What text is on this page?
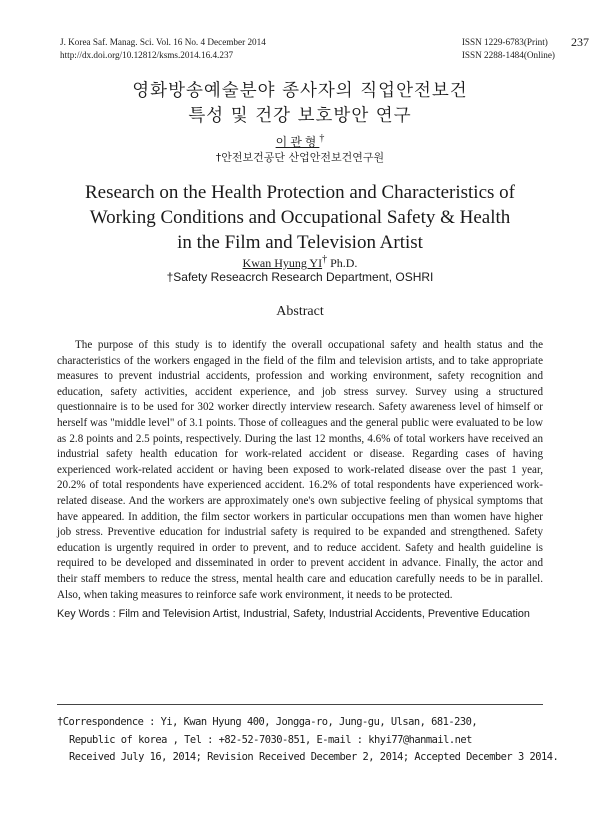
J. Korea Saf. Manag. Sci. Vol. 16 No. 4 December 2014
http://dx.doi.org/10.12812/ksms.2014.16.4.237
ISSN 1229-6783(Print)
ISSN 2288-1484(Online)
237
영화방송예술분야 종사자의 직업안전보건
특성 및 건강 보호방안 연구
이관형†
†안전보건공단 산업안전보건연구원
Research on the Health Protection and Characteristics of
Working Conditions and Occupational Safety & Health
in the Film and Television Artist
Kwan Hyung YI† Ph.D.
†Safety Reseacrch Research Department, OSHRI
Abstract
The purpose of this study is to identify the overall occupational safety and health status and the characteristics of the workers engaged in the field of the film and television artists, and to take appropriate measures to prevent industrial accidents, profession and working environment, safety recognition and education, safety activities, accident experience, and job stress survey. Survey using a structured questionnaire is to be used for 302 worker directly interview research. Safety awareness level of himself or herself was "middle level" of 3.1 points. Those of colleagues and the general public were evaluated to be low as 2.8 points and 2.5 points, respectively. During the last 12 months, 4.6% of total workers have received an industrial safety health education for work-related accident or disease. Regarding cases of having experienced work-related accident or having been exposed to work-related disease over the past 1 year, 20.2% of total respondents have experienced accident. 16.2% of total respondents have experienced work-related disease. And the workers are approximately one's own subjective feeling of physical symptoms that have appeared. In addition, the film sector workers in particular occupations men than women have higher job stress. Preventive education for industrial safety is required to be expanded and strengthened. Safety education is urgently required in order to prevent, and to reduce accident. Safety and health guideline is required to be developed and disseminated in order to prevent accident in advance. Finally, the actor and their staff members to reduce the stress, mental health care and education carefully needs to be in parallel. Also, when taking measures to reinforce safe work environment, it needs to be protected.
Key Words : Film and Television Artist, Industrial, Safety, Industrial Accidents, Preventive Education
†Correspondence : Yi, Kwan Hyung 400, Jongga-ro, Jung-gu, Ulsan, 681-230,
Republic of korea , Tel : +82-52-7030-851, E-mail : khyi77@hanmail.net
Received July 16, 2014; Revision Received December 2, 2014; Accepted December 3 2014.
